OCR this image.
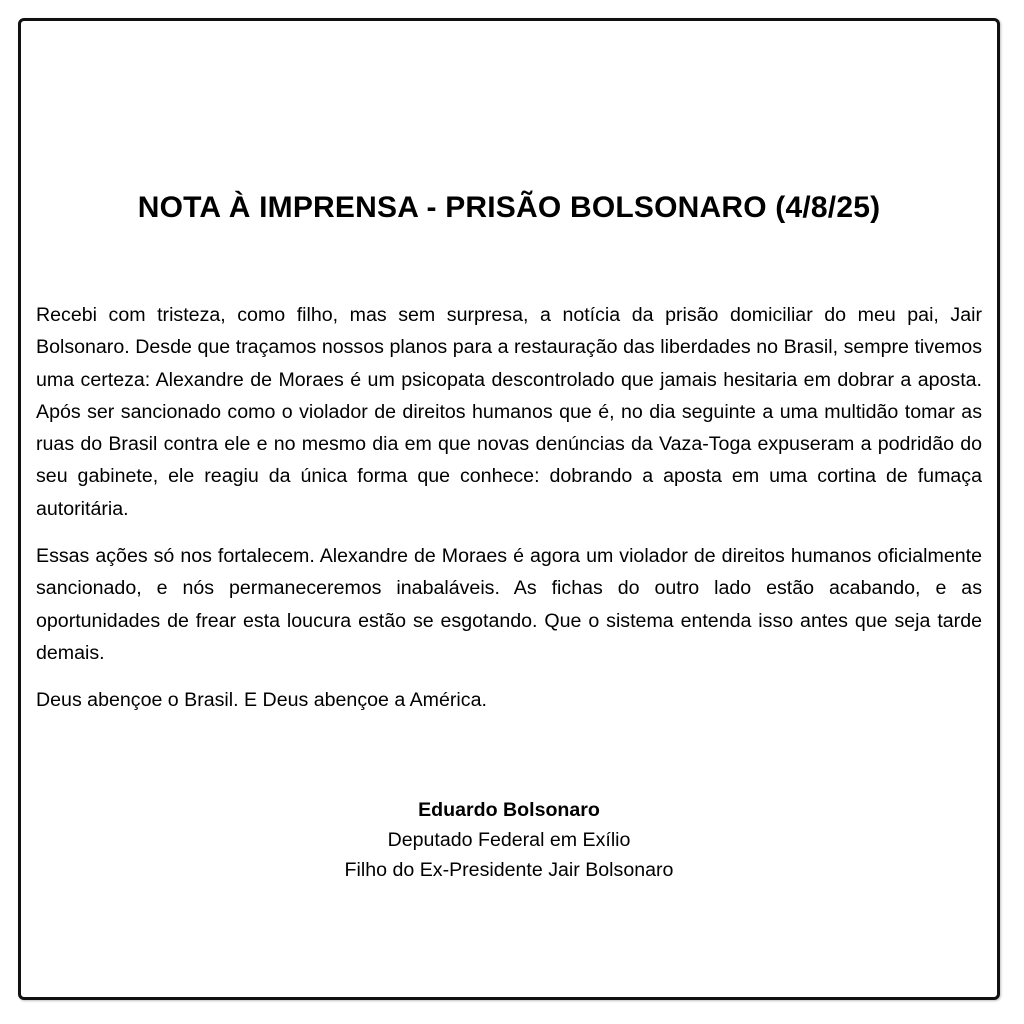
NOTA À IMPRENSA - PRISÃO BOLSONARO (4/8/25)

Recebi com tristeza, como filho, mas sem surpresa, a notícia da prisão domiciliar do meu pai, Jair Bolsonaro. Desde que traçamos nossos planos para a restauração das liberdades no Brasil, sempre tivemos uma certeza: Alexandre de Moraes é um psicopata descontrolado que jamais hesitaria em dobrar a aposta. Após ser sancionado como o violador de direitos humanos que é, no dia seguinte a uma multidão tomar as ruas do Brasil contra ele e no mesmo dia em que novas denúncias da Vaza-Toga expuseram a podridão do seu gabinete, ele reagiu da única forma que conhece: dobrando a aposta em uma cortina de fumaça autoritária.

Essas ações só nos fortalecem. Alexandre de Moraes é agora um violador de direitos humanos oficialmente sancionado, e nós permaneceremos inabaláveis. As fichas do outro lado estão acabando, e as oportunidades de frear esta loucura estão se esgotando. Que o sistema entenda isso antes que seja tarde demais.

Deus abençoe o Brasil. E Deus abençoe a América.

Eduardo Bolsonaro
Deputado Federal em Exílio
Filho do Ex-Presidente Jair Bolsonaro
